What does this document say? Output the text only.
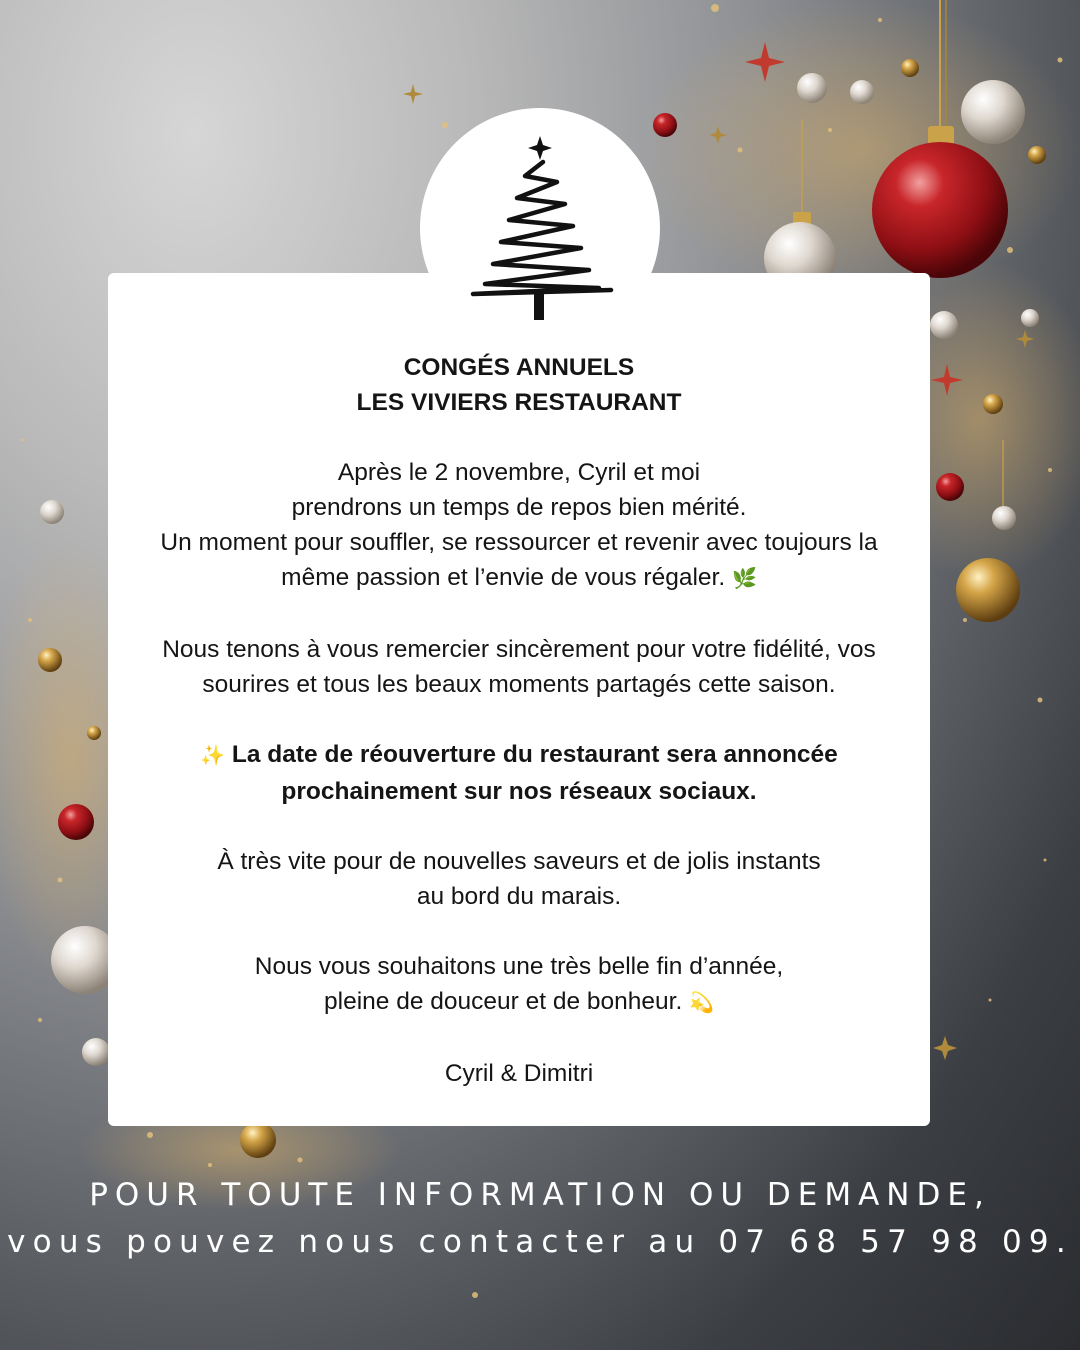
CONGÉS ANNUELS
LES VIVIERS RESTAURANT

Après le 2 novembre, Cyril et moi
prendrons un temps de repos bien mérité.
Un moment pour souffler, se ressourcer et revenir avec toujours la
même passion et l’envie de vous régaler. 🌿

Nous tenons à vous remercier sincèrement pour votre fidélité, vos
sourires et tous les beaux moments partagés cette saison.

✨ La date de réouverture du restaurant sera annoncée
prochainement sur nos réseaux sociaux.

À très vite pour de nouvelles saveurs et de jolis instants
au bord du marais.

Nous vous souhaitons une très belle fin d’année,
pleine de douceur et de bonheur. 💫

Cyril & Dimitri

POUR TOUTE INFORMATION OU DEMANDE,
vous pouvez nous contacter au 07 68 57 98 09.
